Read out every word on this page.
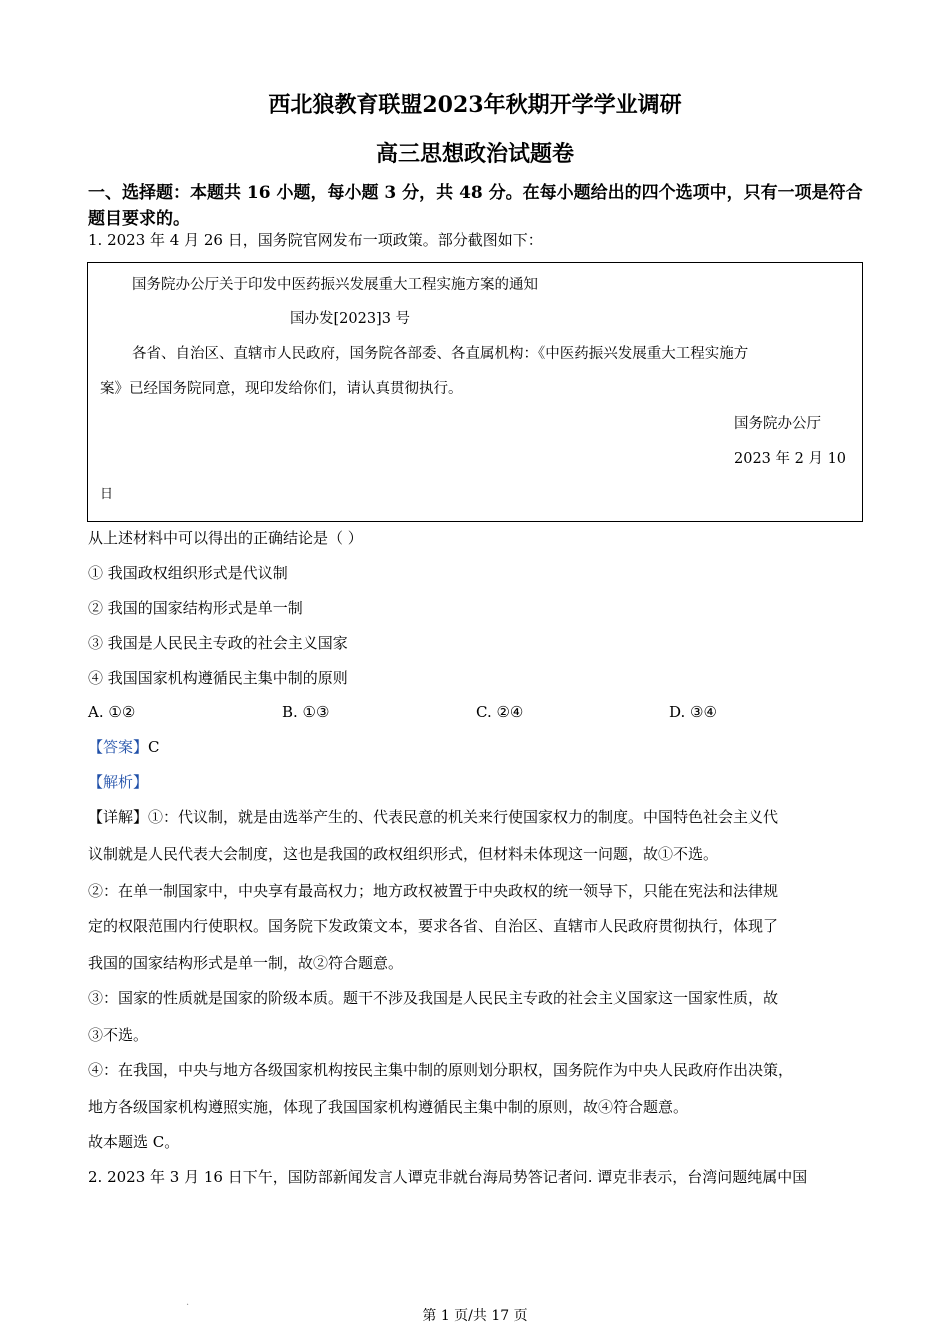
西北狼教育联盟2023年秋期开学学业调研
高三思想政治试题卷
一、选择题：本题共 16 小题，每小题 3 分，共 48 分。在每小题给出的四个选项中，只有一项是符合题目要求的。
1. 2023 年 4 月 26 日，国务院官网发布一项政策。部分截图如下：
国务院办公厅关于印发中医药振兴发展重大工程实施方案的通知
国办发[2023]3 号
各省、自治区、直辖市人民政府，国务院各部委、各直属机构：《中医药振兴发展重大工程实施方
案》已经国务院同意，现印发给你们，请认真贯彻执行。
国务院办公厅
2023 年 2 月 10
日
从上述材料中可以得出的正确结论是（ ）
① 我国政权组织形式是代议制
② 我国的国家结构形式是单一制
③ 我国是人民民主专政的社会主义国家
④ 我国国家机构遵循民主集中制的原则
A. ①②	B. ①③	C. ②④	D. ③④
【答案】C
【解析】
【详解】①：代议制，就是由选举产生的、代表民意的机关来行使国家权力的制度。中国特色社会主义代
议制就是人民代表大会制度，这也是我国的政权组织形式，但材料未体现这一问题，故①不选。
②：在单一制国家中，中央享有最高权力；地方政权被置于中央政权的统一领导下，只能在宪法和法律规
定的权限范围内行使职权。国务院下发政策文本，要求各省、自治区、直辖市人民政府贯彻执行，体现了
我国的国家结构形式是单一制，故②符合题意。
③：国家的性质就是国家的阶级本质。题干不涉及我国是人民民主专政的社会主义国家这一国家性质，故
③不选。
④：在我国，中央与地方各级国家机构按民主集中制的原则划分职权，国务院作为中央人民政府作出决策，
地方各级国家机构遵照实施，体现了我国国家机构遵循民主集中制的原则，故④符合题意。
故本题选 C。
2. 2023 年 3 月 16 日下午，国防部新闻发言人谭克非就台海局势答记者问. 谭克非表示，台湾问题纯属中国
·
第 1 页/共 17 页
